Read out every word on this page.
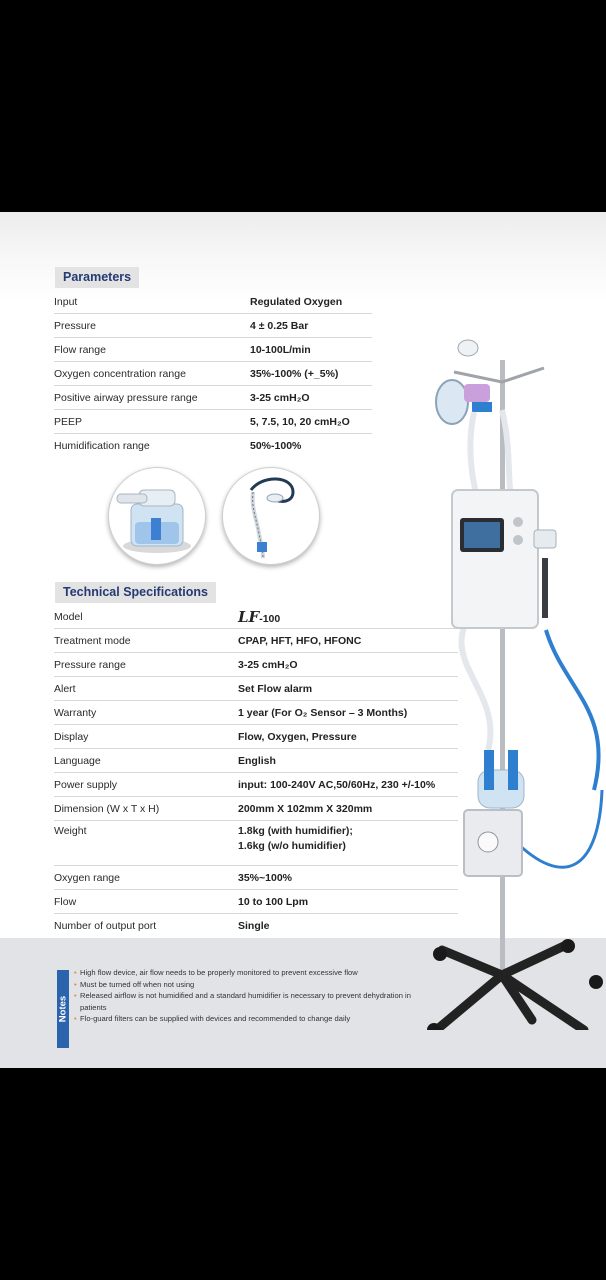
Parameters
Input	Regulated Oxygen
Pressure	4 ± 0.25 Bar
Flow range	10-100L/min
Oxygen concentration range	35%-100% (+_5%)
Positive airway pressure range	3-25 cmH₂O
PEEP	5, 7.5, 10, 20 cmH₂O
Humidification range	50%-100%
Technical Specifications
Model	LF-100
Treatment mode	CPAP, HFT, HFO, HFONC
Pressure range	3-25 cmH₂O
Alert	Set Flow alarm
Warranty	1 year (For O₂ Sensor – 3 Months)
Display	Flow, Oxygen, Pressure
Language	English
Power supply	input: 100-240V AC,50/60Hz, 230 +/-10%
Dimension (W x T x H)	200mm X 102mm X 320mm
Weight	1.8kg (with humidifier);
1.6kg (w/o humidifier)

Oxygen range	35%~100%
Flow	10 to 100 Lpm
Number of output port	Single
Notes
• High flow device, air flow needs to be properly monitored to prevent excessive flow
• Must be turned off when not using
• Released airflow is not humidified and a standard humidifier is necessary to prevent dehydration in patients
• Flo-guard filters can be supplied with devices and recommended to change daily
